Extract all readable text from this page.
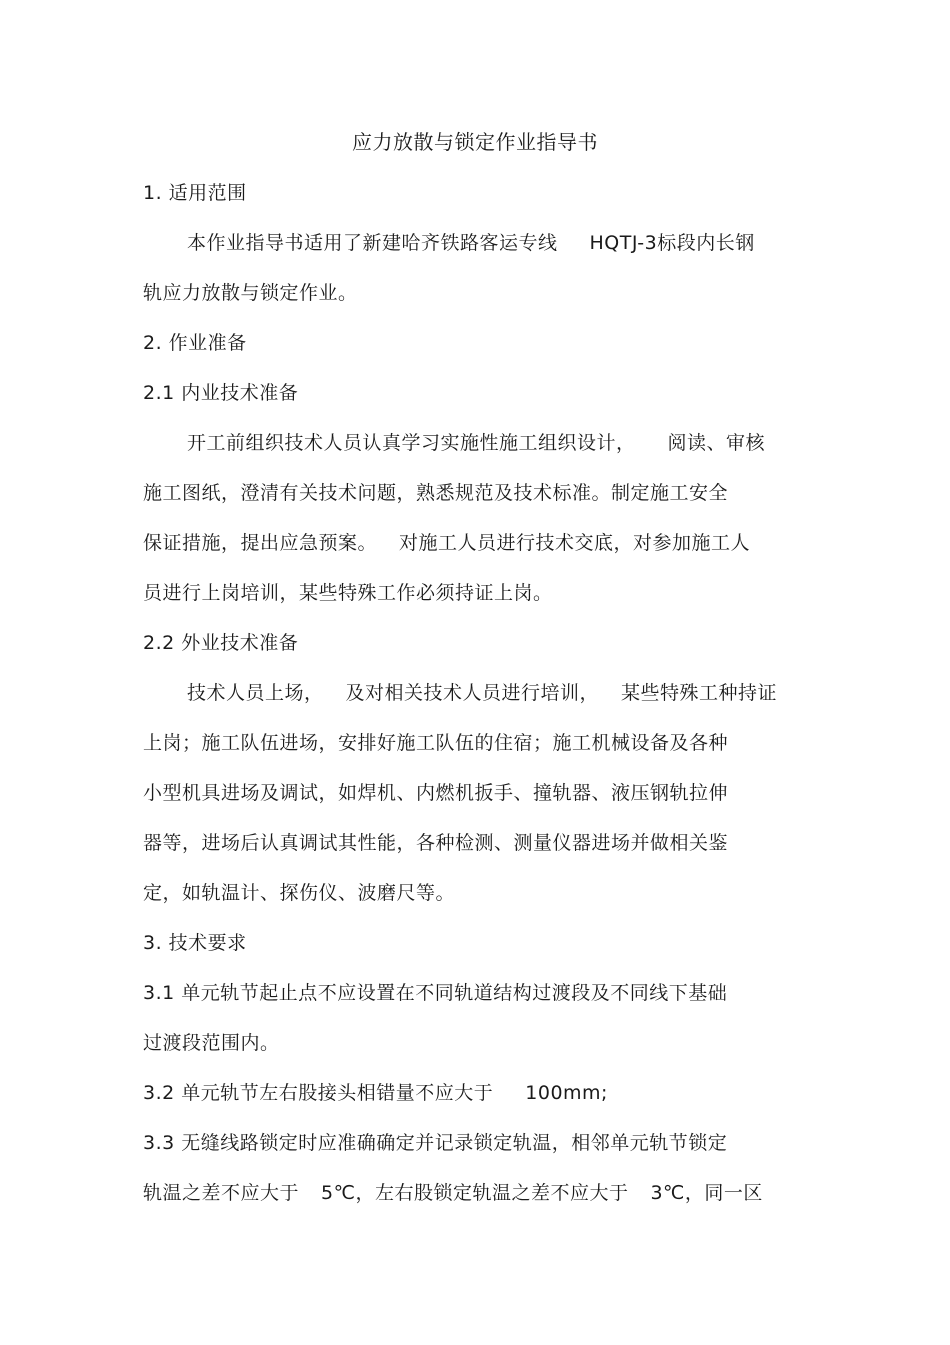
应力放散与锁定作业指导书
1. 适用范围
本作业指导书适用了新建哈齐铁路客运专线 HQTJ-3标段内长钢
轨应力放散与锁定作业。
2. 作业准备
2.1 内业技术准备
开工前组织技术人员认真学习实施性施工组织设计， 阅读、审核
施工图纸，澄清有关技术问题，熟悉规范及技术标准。制定施工安全
保证措施，提出应急预案。 对施工人员进行技术交底，对参加施工人
员进行上岗培训，某些特殊工作必须持证上岗。
2.2 外业技术准备
技术人员上场， 及对相关技术人员进行培训， 某些特殊工种持证
上岗；施工队伍进场，安排好施工队伍的住宿；施工机械设备及各种
小型机具进场及调试，如焊机、内燃机扳手、撞轨器、液压钢轨拉伸
器等，进场后认真调试其性能，各种检测、测量仪器进场并做相关鉴
定，如轨温计、探伤仪、波磨尺等。
3. 技术要求
3.1 单元轨节起止点不应设置在不同轨道结构过渡段及不同线下基础
过渡段范围内。
3.2 单元轨节左右股接头相错量不应大于 100mm;
3.3 无缝线路锁定时应准确确定并记录锁定轨温，相邻单元轨节锁定
轨温之差不应大于 5℃，左右股锁定轨温之差不应大于 3℃，同一区
